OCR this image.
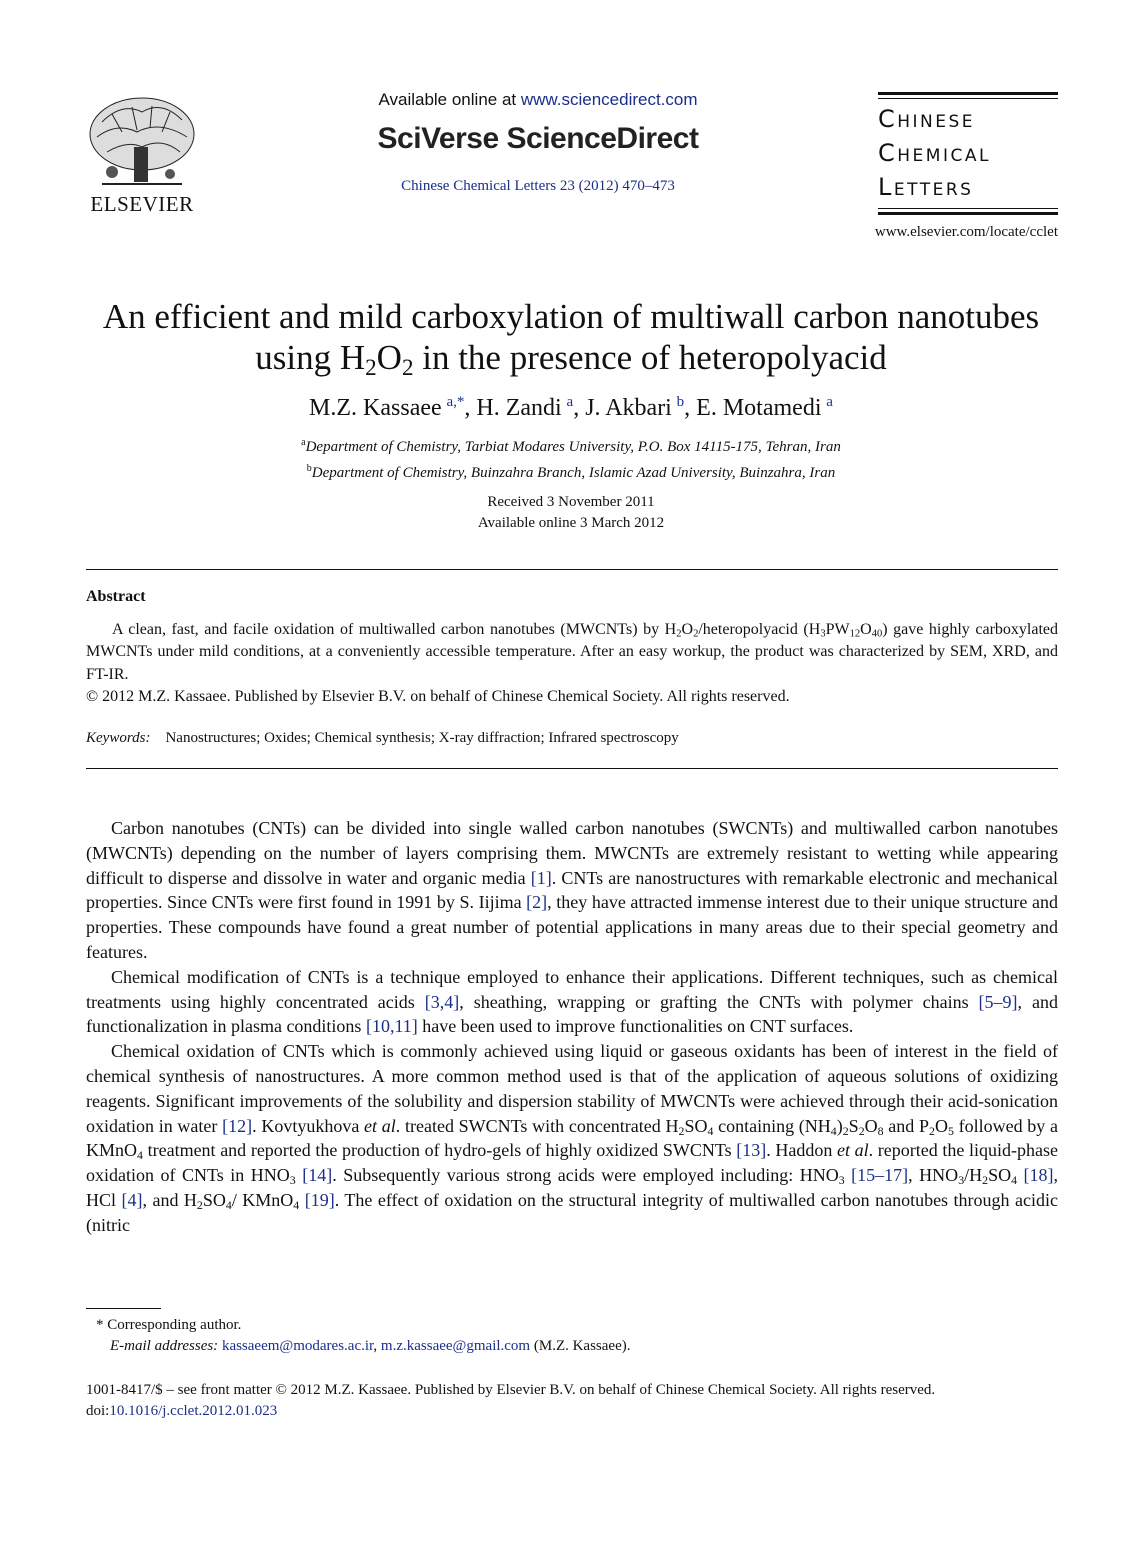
ELSEVIER
Available online at www.sciencedirect.com
SciVerse ScienceDirect
Chinese Chemical Letters 23 (2012) 470–473
Chinese
Chemical
Letters
www.elsevier.com/locate/cclet
An efficient and mild carboxylation of multiwall carbon nanotubes
using $H_2O_2$ in the presence of heteropolyacid
M.Z. Kassaee  $^{a,*}$, H. Zandi  $^a$, J. Akbari  $^b$, E. Motamedi  $^a$
$^a$Department of Chemistry, Tarbiat Modares University, P.O. Box 14115-175, Tehran, Iran
$^b$Department of Chemistry, Buinzahra Branch, Islamic Azad University, Buinzahra, Iran
Received 3 November 2011
Available online 3 March 2012
Abstract
A clean, fast, and facile oxidation of multiwalled carbon nanotubes (MWCNTs) by $H_2O_2$/heteropolyacid $(H_3PW_{12}O_{40})$ gave highly carboxylated MWCNTs under mild conditions, at a conveniently accessible temperature. After an easy workup, the product was characterized by SEM, XRD, and FT-IR.
© 2012 M.Z. Kassaee. Published by Elsevier B.V. on behalf of Chinese Chemical Society. All rights reserved.
Keywords:  Nanostructures; Oxides; Chemical synthesis; X-ray diffraction; Infrared spectroscopy

Carbon nanotubes (CNTs) can be divided into single walled carbon nanotubes (SWCNTs) and multiwalled carbon nanotubes (MWCNTs) depending on the number of layers comprising them. MWCNTs are extremely resistant to wetting while appearing difficult to disperse and dissolve in water and organic media [1]. CNTs are nanostructures with remarkable electronic and mechanical properties. Since CNTs were first found in 1991 by S. Iijima [2], they have attracted immense interest due to their unique structure and properties. These compounds have found a great number of potential applications in many areas due to their special geometry and features.

Chemical modification of CNTs is a technique employed to enhance their applications. Different techniques, such as chemical treatments using highly concentrated acids [3,4], sheathing, wrapping or grafting the CNTs with polymer chains [5–9], and functionalization in plasma conditions [10,11] have been used to improve functionalities on CNT surfaces.

Chemical oxidation of CNTs which is commonly achieved using liquid or gaseous oxidants has been of interest in the field of chemical synthesis of nanostructures. A more common method used is that of the application of aqueous solutions of oxidizing reagents. Significant improvements of the solubility and dispersion stability of MWCNTs were achieved through their acid-sonication oxidation in water [12]. Kovtyukhova et al. treated SWCNTs with concentrated $H_2SO_4$ containing $(NH_4)_2S_2O_8$ and $P_2O_5$ followed by a KMnO$_4$ treatment and reported the production of hydro-gels of highly oxidized SWCNTs [13]. Haddon et al. reported the liquid-phase oxidation of CNTs in $HNO_3$ [14]. Subsequently various strong acids were employed including: $HNO_3$ [15–17], $HNO_3/H_2SO_4$ [18], HCl [4], and $H_2SO_4/$ KMnO$_4$ [19]. The effect of oxidation on the structural integrity of multiwalled carbon nanotubes through acidic (nitric

* Corresponding author.
E-mail addresses: kassaeem@modares.ac.ir, m.z.kassaee@gmail.com (M.Z. Kassaee).
1001-8417/$ – see front matter © 2012 M.Z. Kassaee. Published by Elsevier B.V. on behalf of Chinese Chemical Society. All rights reserved.
doi:10.1016/j.cclet.2012.01.023
